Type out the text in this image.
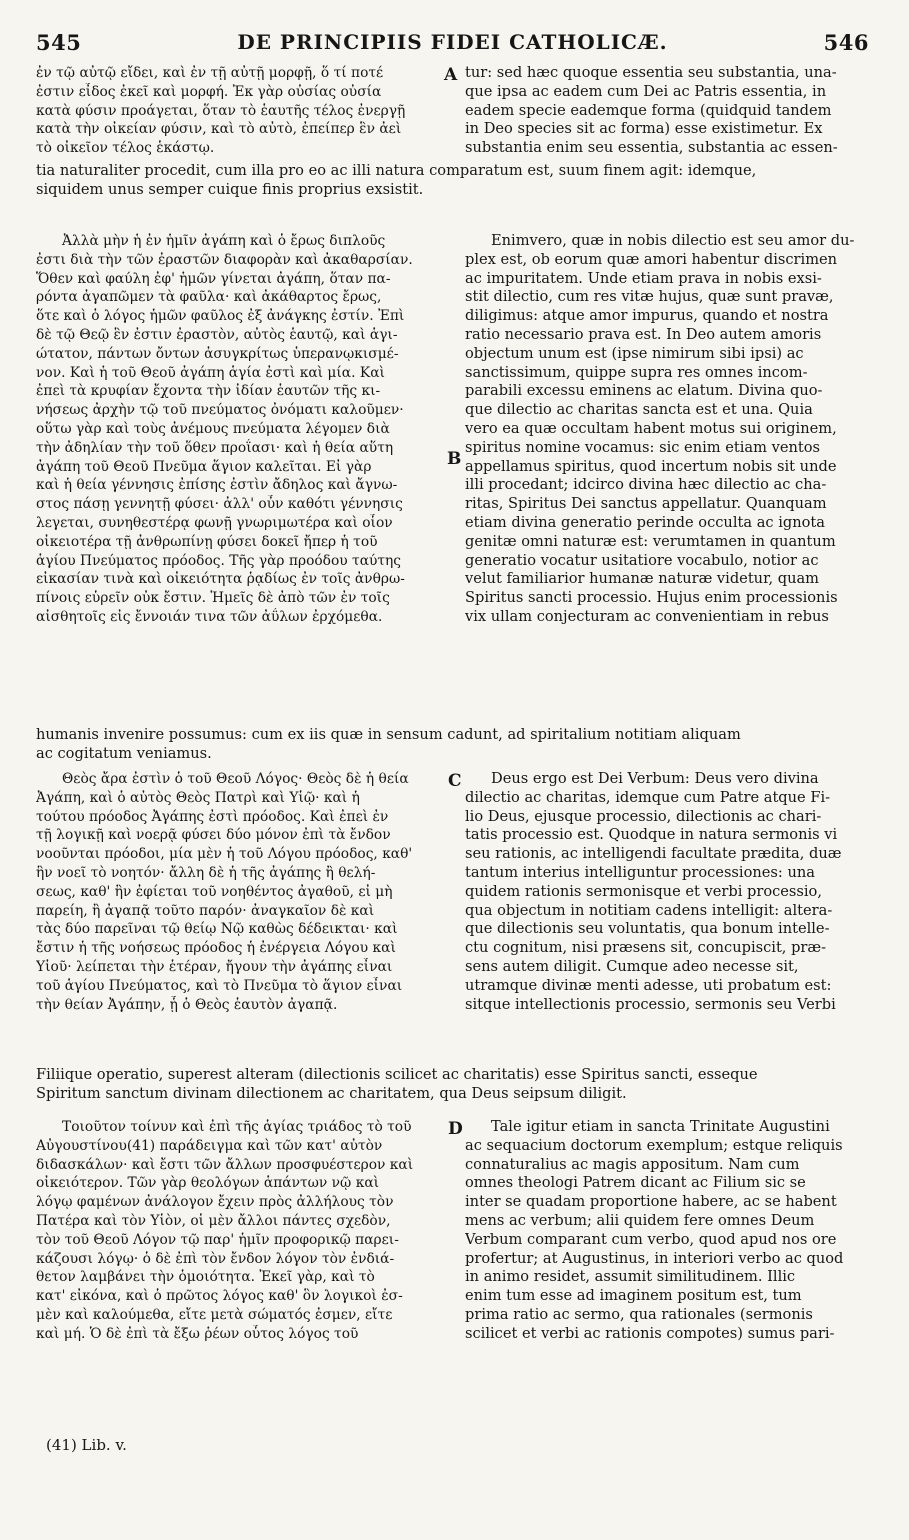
545	DE PRINCIPIIS FIDEI CATHOLICÆ.	546
ἐν τῷ αὐτῷ εἴδει, καὶ ἐν τῇ αὐτῇ μορφῇ, ὅ τί ποτέ
ἐστιν εἶδος ἐκεῖ καὶ μορφή. Ἐκ γὰρ οὐσίας οὐσία
κατὰ φύσιν προάγεται, ὅταν τὸ ἑαυτῆς τέλος ἐνεργῇ
κατὰ τὴν οἰκείαν φύσιν, καὶ τὸ αὐτὸ, ἐπείπερ ἓν ἀεὶ
τὸ οἰκεῖον τέλος ἑκάστῳ.
tur: sed hæc quoque essentia seu substantia, una-
que ipsa ac eadem cum Dei ac Patris essentia, in
eadem specie eademque forma (quidquid tandem
in Deo species sit ac forma) esse existimetur. Ex
substantia enim seu essentia, substantia ac essen-
A
tia naturaliter procedit, cum illa pro eo ac illi natura comparatum est, suum finem agit: idemque,
siquidem unus semper cuique finis proprius exsistit.
Ἀλλὰ μὴν ἡ ἐν ἡμῖν ἀγάπη καὶ ὁ ἔρως διπλοῦς
ἐστι διὰ τὴν τῶν ἐραστῶν διαφορὰν καὶ ἀκαθαρσίαν.
Ὅθεν καὶ φαύλη ἐφ' ἡμῶν γίνεται ἀγάπη, ὅταν πα-
ρόντα ἀγαπῶμεν τὰ φαῦλα· καὶ ἀκάθαρτος ἔρως,
ὅτε καὶ ὁ λόγος ἡμῶν φαῦλος ἐξ ἀνάγκης ἐστίν. Ἐπὶ
δὲ τῷ Θεῷ ἓν ἐστιν ἐραστὸν, αὐτὸς ἑαυτῷ, καὶ ἁγι-
ώτατον, πάντων ὄντων ἀσυγκρίτως ὑπερανῳκισμέ-
νον. Καὶ ἡ τοῦ Θεοῦ ἀγάπη ἁγία ἐστὶ καὶ μία. Καὶ
ἐπεὶ τὰ κρυφίαν ἔχοντα τὴν ἰδίαν ἑαυτῶν τῆς κι-
νήσεως ἀρχὴν τῷ τοῦ πνεύματος ὀνόματι καλοῦμεν·
οὕτω γὰρ καὶ τοὺς ἀνέμους πνεύματα λέγομεν διὰ
τὴν ἀδηλίαν τὴν τοῦ ὅθεν προΐασι· καὶ ἡ θεία αὕτη
ἀγάπη τοῦ Θεοῦ Πνεῦμα ἅγιον καλεῖται. Εἰ γὰρ
καὶ ἡ θεία γέννησις ἐπίσης ἐστὶν ἄδηλος καὶ ἄγνω-
στος πάσῃ γεννητῇ φύσει· ἀλλ' οὖν καθότι γέννησις
λεγεται, συνηθεστέρᾳ φωνῇ γνωριμωτέρα καὶ οἷον
οἰκειοτέρα τῇ ἀνθρωπίνῃ φύσει δοκεῖ ἤπερ ἡ τοῦ
ἁγίου Πνεύματος πρόοδος. Τῆς γὰρ προόδου ταύτης
εἰκασίαν τινὰ καὶ οἰκειότητα ῥᾳδίως ἐν τοῖς ἀνθρω-
πίνοις εὑρεῖν οὐκ ἔστιν. Ἡμεῖς δὲ ἀπὸ τῶν ἐν τοῖς
αἰσθητοῖς εἰς ἔννοιάν τινα τῶν ἀΰλων ἐρχόμεθα.
Enimvero, quæ in nobis dilectio est seu amor du-
plex est, ob eorum quæ amori habentur discrimen
ac impuritatem. Unde etiam prava in nobis exsi-
stit dilectio, cum res vitæ hujus, quæ sunt pravæ,
diligimus: atque amor impurus, quando et nostra
ratio necessario prava est. In Deo autem amoris
objectum unum est (ipse nimirum sibi ipsi) ac
sanctissimum, quippe supra res omnes incom-
parabili excessu eminens ac elatum. Divina quo-
que dilectio ac charitas sancta est et una. Quia
vero ea quæ occultam habent motus sui originem,
spiritus nomine vocamus: sic enim etiam ventos
appellamus spiritus, quod incertum nobis sit unde
illi procedant; idcirco divina hæc dilectio ac cha-
ritas, Spiritus Dei sanctus appellatur. Quanquam
etiam divina generatio perinde occulta ac ignota
genitæ omni naturæ est: verumtamen in quantum
generatio vocatur usitatiore vocabulo, notior ac
velut familiarior humanæ naturæ videtur, quam
Spiritus sancti processio. Hujus enim processionis
vix ullam conjecturam ac convenientiam in rebus
B
humanis invenire possumus: cum ex iis quæ in sensum cadunt, ad spiritalium notitiam aliquam
ac cogitatum veniamus.
Θεὸς ἄρα ἐστὶν ὁ τοῦ Θεοῦ Λόγος· Θεὸς δὲ ἡ θεία
Ἀγάπη, καὶ ὁ αὐτὸς Θεὸς Πατρὶ καὶ Υἱῷ· καὶ ἡ
τούτου πρόοδος Ἀγάπης ἐστὶ πρόοδος. Καὶ ἐπεὶ ἐν
τῇ λογικῇ καὶ νοερᾷ φύσει δύο μόνον ἐπὶ τὰ ἔνδον
νοοῦνται πρόοδοι, μία μὲν ἡ τοῦ Λόγου πρόοδος, καθ'
ἣν νοεῖ τὸ νοητόν· ἄλλη δὲ ἡ τῆς ἀγάπης ἢ θελή-
σεως, καθ' ἣν ἐφίεται τοῦ νοηθέντος ἀγαθοῦ, εἰ μὴ
παρείη, ἢ ἀγαπᾷ τοῦτο παρόν· ἀναγκαῖον δὲ καὶ
τὰς δύο παρεῖναι τῷ θείῳ Νῷ καθὼς δέδεικται· καὶ
ἔστιν ἡ τῆς νοήσεως πρόοδος ἡ ἐνέργεια Λόγου καὶ
Υἱοῦ· λείπεται τὴν ἑτέραν, ἤγουν τὴν ἀγάπης εἶναι
τοῦ ἁγίου Πνεύματος, καὶ τὸ Πνεῦμα τὸ ἅγιον εἶναι
τὴν θείαν Ἀγάπην, ᾗ ὁ Θεὸς ἑαυτὸν ἀγαπᾷ.
Deus ergo est Dei Verbum: Deus vero divina
dilectio ac charitas, idemque cum Patre atque Fi-
lio Deus, ejusque processio, dilectionis ac chari-
tatis processio est. Quodque in natura sermonis vi
seu rationis, ac intelligendi facultate prædita, duæ
tantum interius intelliguntur processiones: una
quidem rationis sermonisque et verbi processio,
qua objectum in notitiam cadens intelligit: altera-
que dilectionis seu voluntatis, qua bonum intelle-
ctu cognitum, nisi præsens sit, concupiscit, præ-
sens autem diligit. Cumque adeo necesse sit,
utramque divinæ menti adesse, uti probatum est:
sitque intellectionis processio, sermonis seu Verbi
C
Filiique operatio, superest alteram (dilectionis scilicet ac charitatis) esse Spiritus sancti, esseque
Spiritum sanctum divinam dilectionem ac charitatem, qua Deus seipsum diligit.
Τοιοῦτον τοίνυν καὶ ἐπὶ τῆς ἁγίας τριάδος τὸ τοῦ
Αὐγουστίνου(41) παράδειγμα καὶ τῶν κατ' αὐτὸν
διδασκάλων· καὶ ἔστι τῶν ἄλλων προσφυέστερον καὶ
οἰκειότερον. Τῶν γὰρ θεολόγων ἁπάντων νῷ καὶ
λόγῳ φαμένων ἀνάλογον ἔχειν πρὸς ἀλλήλους τὸν
Πατέρα καὶ τὸν Υἱὸν, οἱ μὲν ἄλλοι πάντες σχεδὸν,
τὸν τοῦ Θεοῦ Λόγον τῷ παρ' ἡμῖν προφορικῷ παρει-
κάζουσι λόγῳ· ὁ δὲ ἐπὶ τὸν ἔνδον λόγον τὸν ἐνδιά-
θετον λαμβάνει τὴν ὁμοιότητα. Ἐκεῖ γὰρ, καὶ τὸ
κατ' εἰκόνα, καὶ ὁ πρῶτος λόγος καθ' ὃν λογικοὶ ἐσ-
μὲν καὶ καλούμεθα, εἴτε μετὰ σώματός ἐσμεν, εἴτε
καὶ μή. Ὁ δὲ ἐπὶ τὰ ἔξω ῥέων οὗτος λόγος τοῦ
Tale igitur etiam in sancta Trinitate Augustini
ac sequacium doctorum exemplum; estque reliquis
connaturalius ac magis appositum. Nam cum
omnes theologi Patrem dicant ac Filium sic se
inter se quadam proportione habere, ac se habent
mens ac verbum; alii quidem fere omnes Deum
Verbum comparant cum verbo, quod apud nos ore
profertur; at Augustinus, in interiori verbo ac quod
in animo residet, assumit similitudinem. Illic
enim tum esse ad imaginem positum est, tum
prima ratio ac sermo, qua rationales (sermonis
scilicet et verbi ac rationis compotes) sumus pari-
D
(41) Lib. v.
